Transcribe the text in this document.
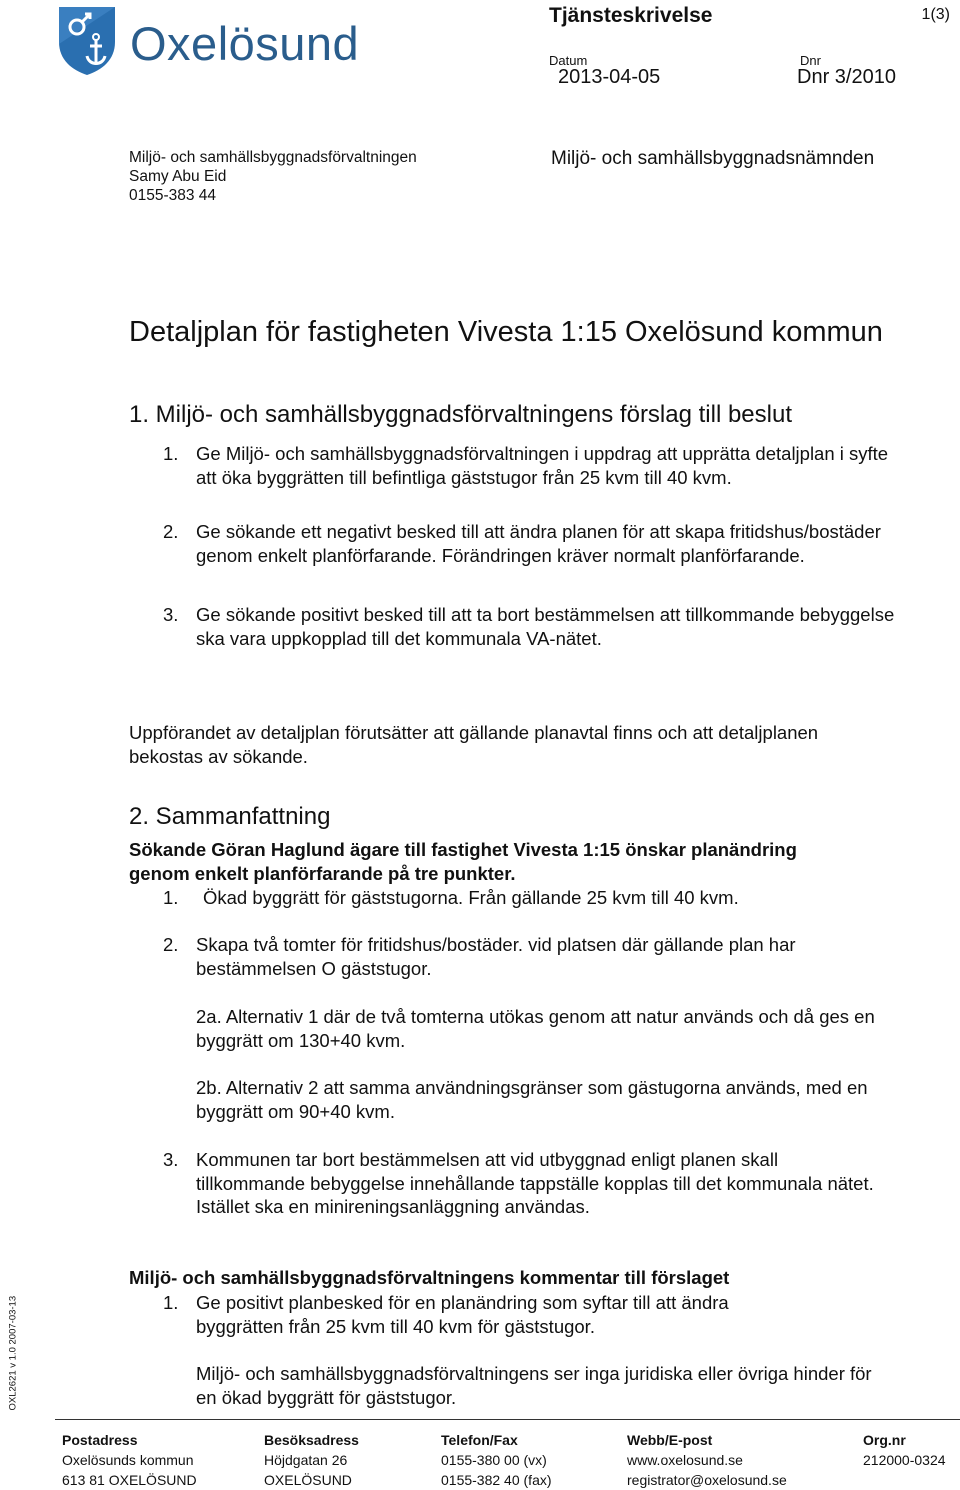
Oxelösund
Tjänsteskrivelse	1(3)
Datum
2013-04-05
Dnr
Dnr 3/2010
Miljö- och samhällsbyggnadsförvaltningen
Samy Abu Eid
0155-383 44
Miljö- och samhällsbyggnadsnämnden
Detaljplan för fastigheten Vivesta 1:15 Oxelösund kommun
1. Miljö- och samhällsbyggnadsförvaltningens förslag till beslut
1. Ge Miljö- och samhällsbyggnadsförvaltningen i uppdrag att upprätta detaljplan i syfte att öka byggrätten till befintliga gäststugor från 25 kvm till 40 kvm.
2. Ge sökande ett negativt besked till att ändra planen för att skapa fritidshus/bostäder genom enkelt planförfarande. Förändringen kräver normalt planförfarande.
3. Ge sökande positivt besked till att ta bort bestämmelsen att tillkommande bebyggelse ska vara uppkopplad till det kommunala VA-nätet.
Uppförandet av detaljplan förutsätter att gällande planavtal finns och att detaljplanen bekostas av sökande.
2. Sammanfattning
Sökande Göran Haglund ägare till fastighet Vivesta 1:15 önskar planändring genom enkelt planförfarande på tre punkter.
1. Ökad byggrätt för gäststugorna. Från gällande 25 kvm till 40 kvm.
2. Skapa två tomter för fritidshus/bostäder. vid platsen där gällande plan har bestämmelsen O gäststugor.
2a. Alternativ 1 där de två tomterna utökas genom att natur används och då ges en byggrätt om 130+40 kvm.
2b. Alternativ 2 att samma användningsgränser som gästugorna används, med en byggrätt om 90+40 kvm.
3. Kommunen tar bort bestämmelsen att vid utbyggnad enligt planen skall tillkommande bebyggelse innehållande tappställe kopplas till det kommunala nätet. Istället ska en minireningsanläggning användas.
Miljö- och samhällsbyggnadsförvaltningens kommentar till förslaget
1. Ge positivt planbesked för en planändring som syftar till att ändra byggrätten från 25 kvm till 40 kvm för gäststugor.
Miljö- och samhällsbyggnadsförvaltningens ser inga juridiska eller övriga hinder för en ökad byggrätt för gäststugor.
OXL2621 v 1.0 2007-03-13
Postadress
Oxelösunds kommun
613 81 OXELÖSUND
Besöksadress
Höjdgatan 26
OXELÖSUND
Telefon/Fax
0155-380 00 (vx)
0155-382 40 (fax)
Webb/E-post
www.oxelosund.se
registrator@oxelosund.se
Org.nr
212000-0324
